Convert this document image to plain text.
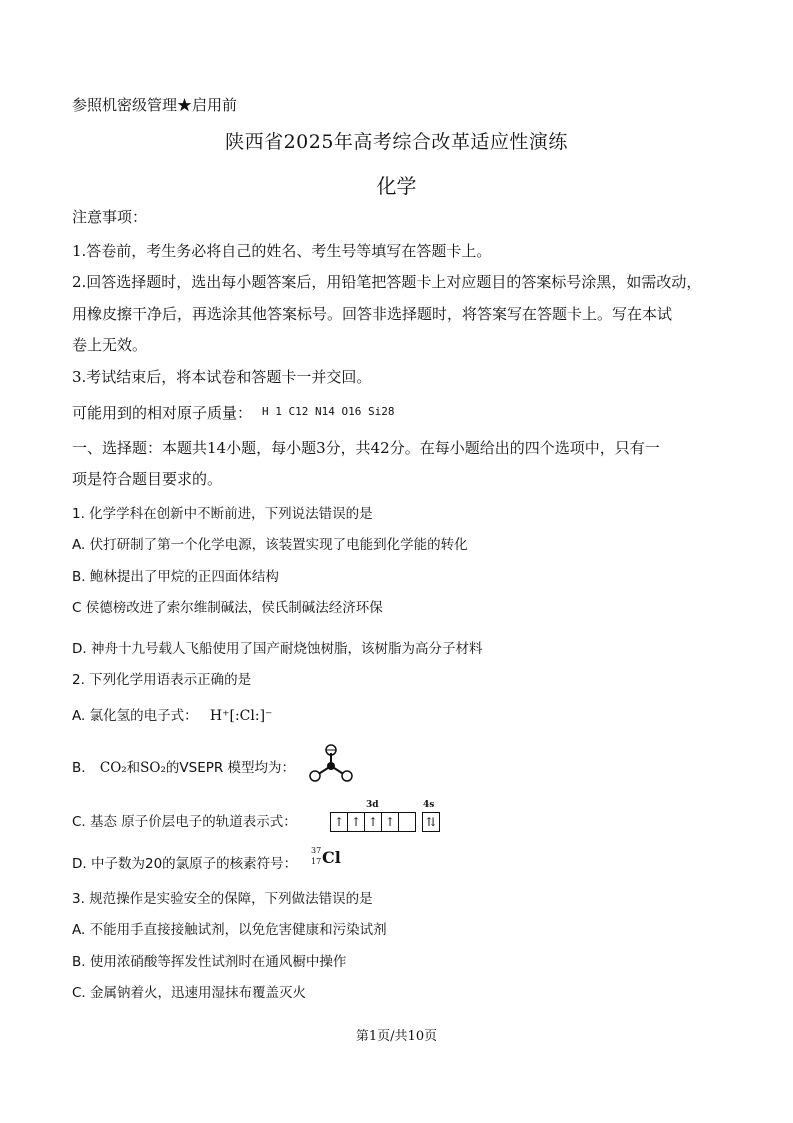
参照机密级管理★启用前
陕西省2025年高考综合改革适应性演练
化学
注意事项：
1.答卷前，考生务必将自己的姓名、考生号等填写在答题卡上。
2.回答选择题时，选出每小题答案后，用铅笔把答题卡上对应题目的答案标号涂黑，如需改动，
用橡皮擦干净后，再选涂其他答案标号。回答非选择题时，将答案写在答题卡上。写在本试
卷上无效。
3.考试结束后，将本试卷和答题卡一并交回。
可能用到的相对原子质量： $^{H 1 C12 N14 O16 Si28}$
一、选择题：本题共14小题，每小题3分，共42分。在每小题给出的四个选项中，只有一
项是符合题目要求的。
1. 化学学科在创新中不断前进，下列说法错误的是
A. 伏打研制了第一个化学电源，该装置实现了电能到化学能的转化
B. 鲍林提出了甲烷的正四面体结构
C 侯德榜改进了索尔维制碱法，侯氏制碱法经济环保
D. 神舟十九号载人飞船使用了国产耐烧蚀树脂，该树脂为高分子材料
2. 下列化学用语表示正确的是
A. 氯化氢的电子式： H⁺[:Cl:]⁻
B. CO₂和SO₂的VSEPR 模型均为：
C. 基态 原子价层电子的轨道表示式：
3d	4s
↑ ↑ ↑ ↑	⇅
D. 中子数为20的氯原子的核素符号：
37
17 Cl
3. 规范操作是实验安全的保障，下列做法错误的是
A. 不能用手直接接触试剂，以免危害健康和污染试剂
B. 使用浓硝酸等挥发性试剂时在通风橱中操作
C. 金属钠着火，迅速用湿抹布覆盖灭火
第1页/共10页
